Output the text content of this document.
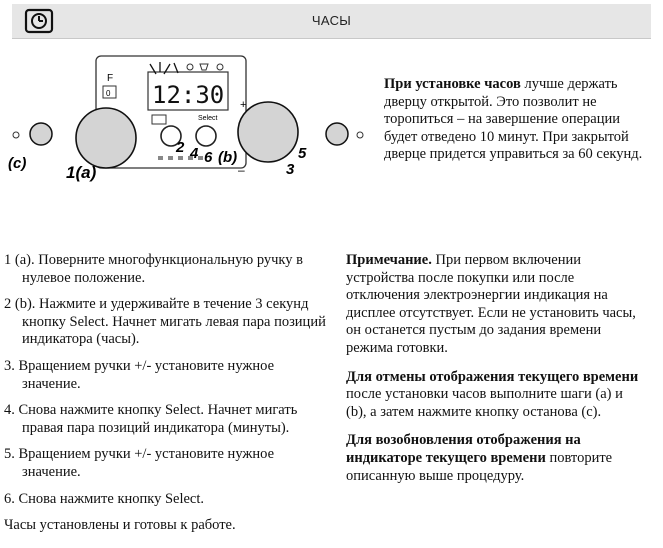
ЧАСЫ
F
0 12:30
Select
+
–
(c) 1(a)
2 4 6 (b)	5
3
При установке часов лучше держать дверцу открытой. Это позволит не торопиться – на завершение операции будет отведено 10 минут. При закрытой дверце придется управиться за 60 секунд.

1 (a). Поверните многофункциональную ручку в нулевое положение.

2 (b). Нажмите и удерживайте в течение 3 секунд кнопку Select. Начнет мигать левая пара позиций индикатора (часы).

3. Вращением ручки +/- установите нужное значение.

4. Снова нажмите кнопку Select. Начнет мигать правая пара позиций индикатора (минуты).

5. Вращением ручки +/- установите нужное значение.

6. Снова нажмите кнопку Select.

Часы установлены и готовы к работе.

Примечание. При первом включении устройства после покупки или после отключения электроэнергии индикация на дисплее отсутствует. Если не установить часы, он останется пустым до задания времени режима готовки.

Для отмены отображения текущего времени после установки часов выполните шаги (а) и (b), а затем нажмите кнопку останова (с).

Для возобновления отображения на индикаторе текущего времени повторите описанную выше процедуру.
